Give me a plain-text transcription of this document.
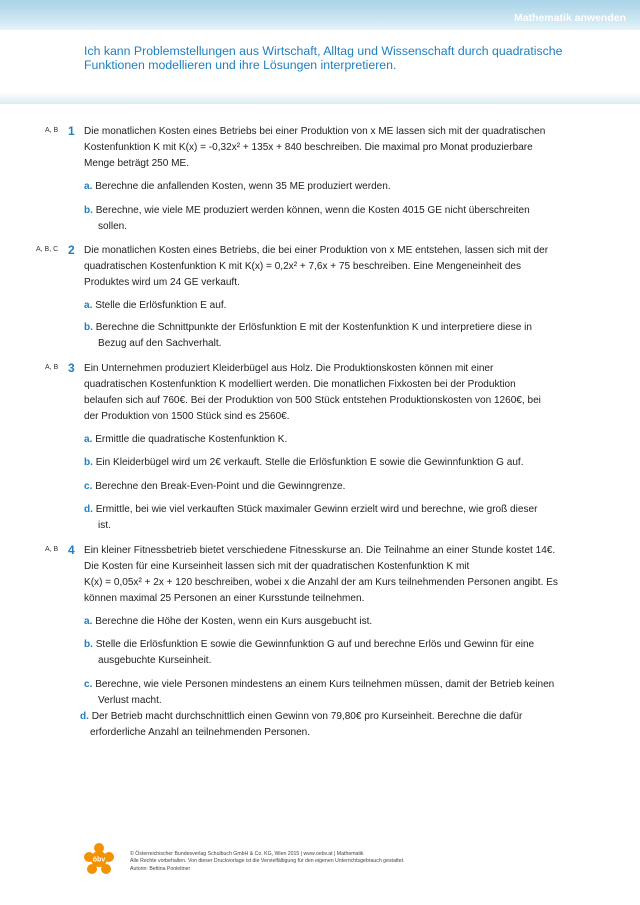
Mathematik anwenden
Ich kann Problemstellungen aus Wirtschaft, Alltag und Wissenschaft durch quadratische Funktionen modellieren und ihre Lösungen interpretieren.
A, B 1 Die monatlichen Kosten eines Betriebs bei einer Produktion von x ME lassen sich mit der quadratischen
Kostenfunktion K mit K(x) = -0,32x² + 135x + 840 beschreiben. Die maximal pro Monat produzierbare
Menge beträgt 250 ME.
a. Berechne die anfallenden Kosten, wenn 35 ME produziert werden.
b. Berechne, wie viele ME produziert werden können, wenn die Kosten 4015 GE nicht überschreiten
sollen.
A, B, C 2 Die monatlichen Kosten eines Betriebs, die bei einer Produktion von x ME entstehen, lassen sich mit der
quadratischen Kostenfunktion K mit K(x) = 0,2x² + 7,6x + 75 beschreiben. Eine Mengeneinheit des
Produktes wird um 24 GE verkauft.
a. Stelle die Erlösfunktion E auf.
b. Berechne die Schnittpunkte der Erlösfunktion E mit der Kostenfunktion K und interpretiere diese in
Bezug auf den Sachverhalt.
A, B 3 Ein Unternehmen produziert Kleiderbügel aus Holz. Die Produktionskosten können mit einer
quadratischen Kostenfunktion K modelliert werden. Die monatlichen Fixkosten bei der Produktion
belaufen sich auf 760€. Bei der Produktion von 500 Stück entstehen Produktionskosten von 1260€, bei
der Produktion von 1500 Stück sind es 2560€.
a. Ermittle die quadratische Kostenfunktion K.
b. Ein Kleiderbügel wird um 2€ verkauft. Stelle die Erlösfunktion E sowie die Gewinnfunktion G auf.
c. Berechne den Break-Even-Point und die Gewinngrenze.
d. Ermittle, bei wie viel verkauften Stück maximaler Gewinn erzielt wird und berechne, wie groß dieser
ist.
A, B 4 Ein kleiner Fitnessbetrieb bietet verschiedene Fitnesskurse an. Die Teilnahme an einer Stunde kostet 14€.
Die Kosten für eine Kurseinheit lassen sich mit der quadratischen Kostenfunktion K mit
K(x) = 0,05x² + 2x + 120 beschreiben, wobei x die Anzahl der am Kurs teilnehmenden Personen angibt. Es
können maximal 25 Personen an einer Kursstunde teilnehmen.
a. Berechne die Höhe der Kosten, wenn ein Kurs ausgebucht ist.
b. Stelle die Erlösfunktion E sowie die Gewinnfunktion G auf und berechne Erlös und Gewinn für eine
ausgebuchte Kurseinheit.
c. Berechne, wie viele Personen mindestens an einem Kurs teilnehmen müssen, damit der Betrieb keinen
Verlust macht.
d. Der Betrieb macht durchschnittlich einen Gewinn von 79,80€ pro Kurseinheit. Berechne die dafür
erforderliche Anzahl an teilnehmenden Personen.
öbv
© Österreichischer Bundesverlag Schulbuch GmbH & Co. KG, Wien 2015 | www.oebv.at | Mathematik
Alle Rechte vorbehalten. Von dieser Druckvorlage ist die Vervielfältigung für den eigenen Unterrichtsgebrauch gestattet.
Autorin: Bettina Ponleitner
